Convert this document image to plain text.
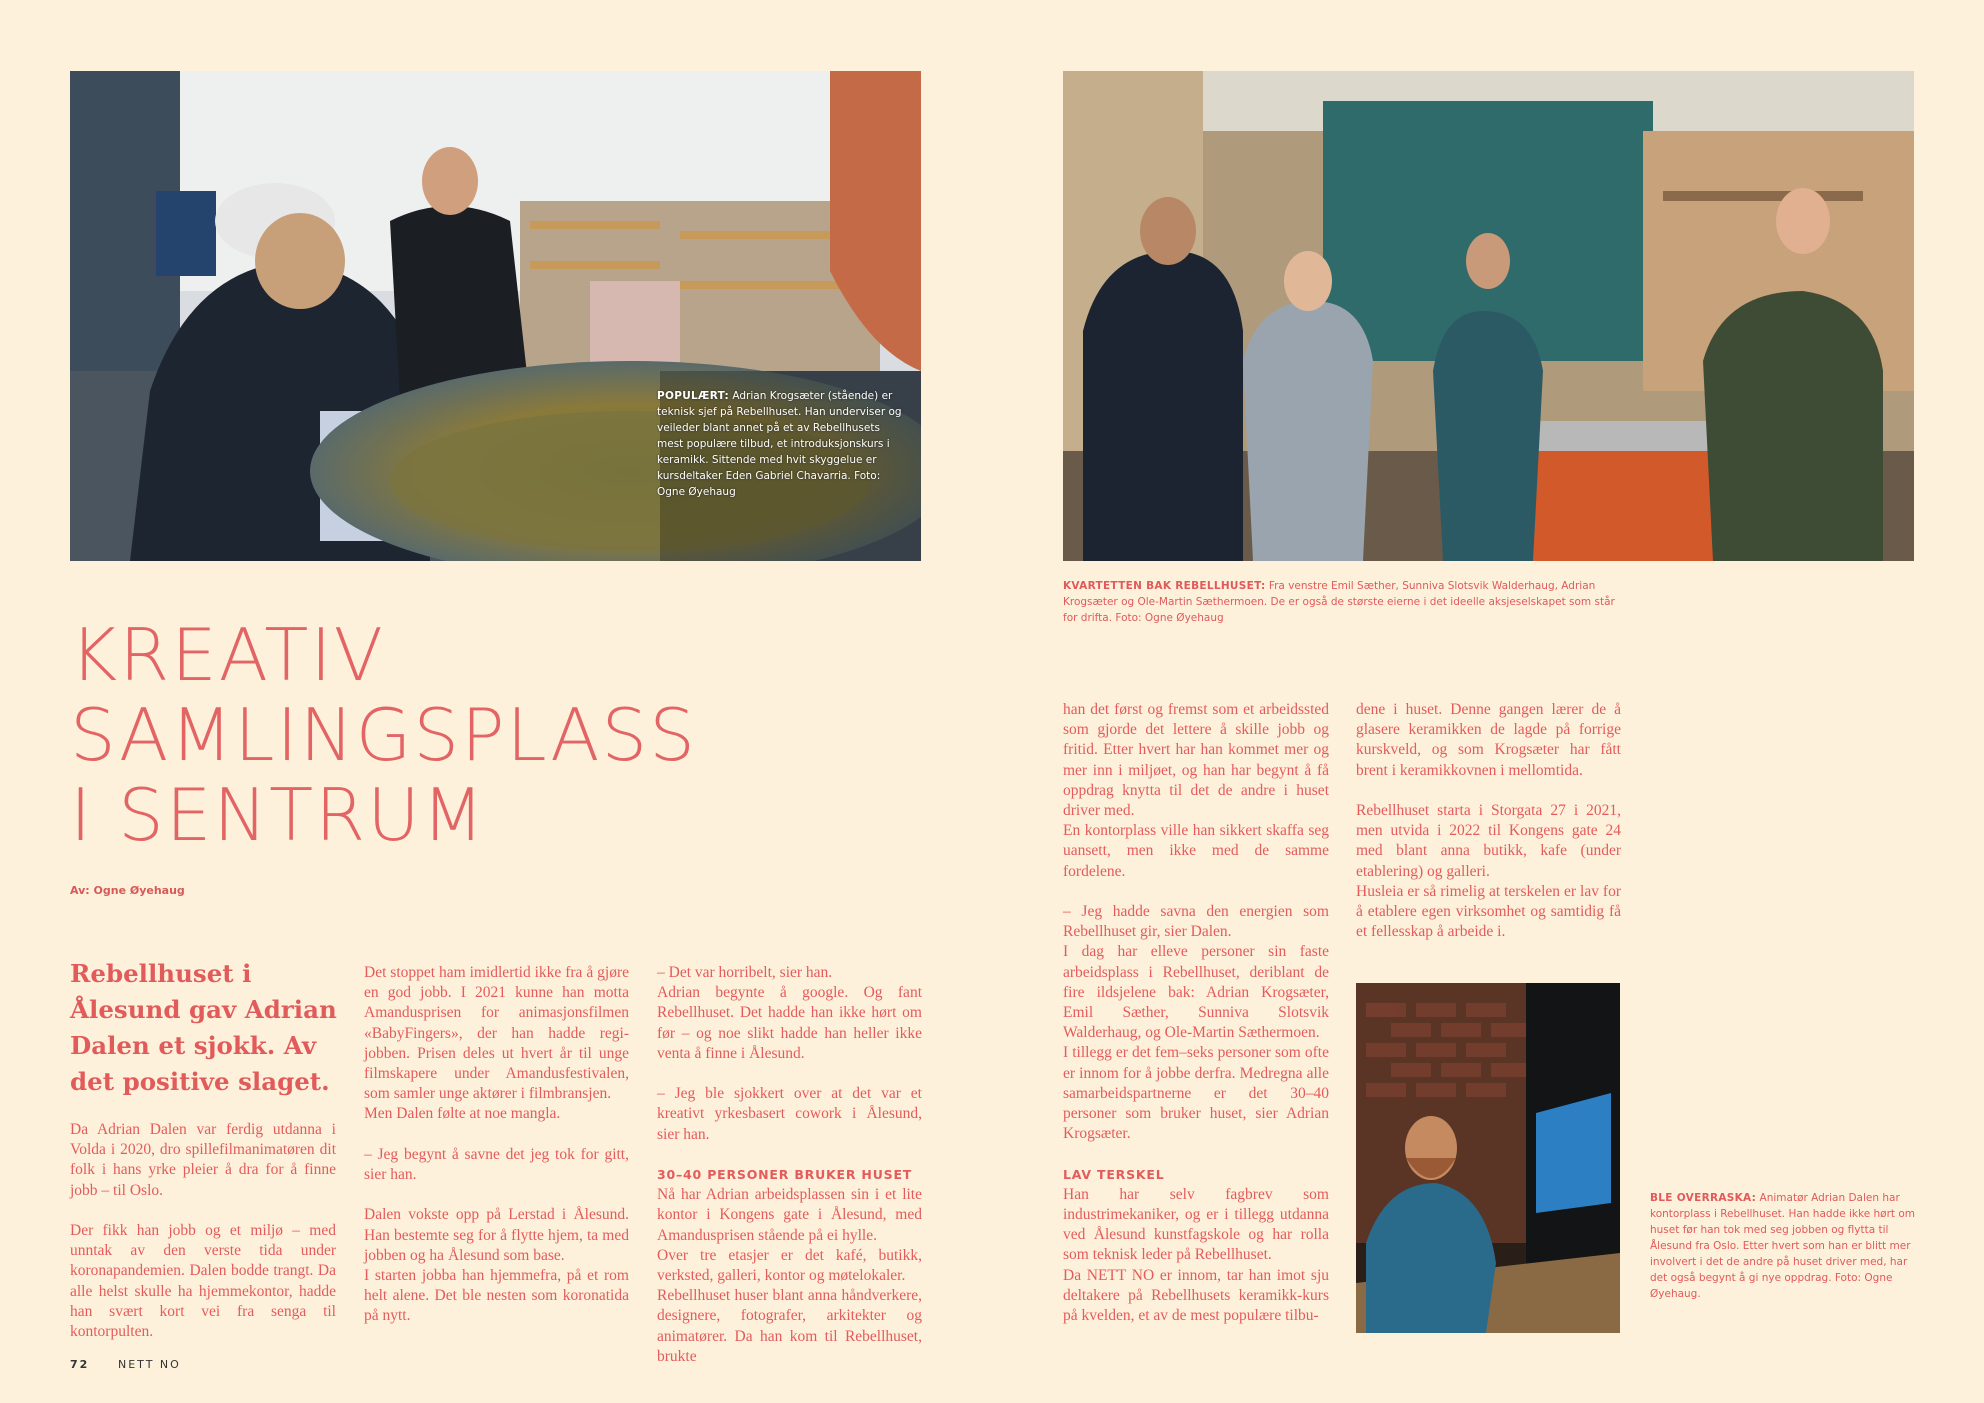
POPULÆRT: Adrian Krogsæter (stående) er teknisk sjef på Rebellhuset. Han underviser og veileder blant annet på et av Rebellhusets mest populære tilbud, et introduksjonskurs i keramikk. Sittende med hvit skyggelue er kursdeltaker Eden Gabriel Chavarria. Foto: Ogne Øyehaug
KVARTETTEN BAK REBELLHUSET: Fra venstre Emil Sæther, Sunniva Slotsvik Walderhaug, Adrian Krogsæter og Ole-Martin Sæthermoen. De er også de største eierne i det ideelle aksjeselskapet som står for drifta. Foto: Ogne Øyehaug
BLE OVERRASKA: Animatør Adrian Dalen har kontorplass i Rebellhuset. Han hadde ikke hørt om huset før han tok med seg jobben og flytta til Ålesund fra Oslo. Etter hvert som han er blitt mer involvert i det de andre på huset driver med, har det også begynt å gi nye oppdrag. Foto: Ogne Øyehaug.
KREATIV
SAMLINGSPLASS
I SENTRUM
Av: Ogne Øyehaug
Rebellhuset i Ålesund gav Adrian Dalen et sjokk. Av det positive slaget.

Da Adrian Dalen var ferdig utdanna i Volda i 2020, dro spillefilmanimatøren dit folk i hans yrke pleier å dra for å finne jobb – til Oslo.

Der fikk han jobb og et miljø – med unntak av den verste tida under koronapandemien. Dalen bodde trangt. Da alle helst skulle ha hjemmekontor, hadde han svært kort vei fra senga til kontorpulten.

Det stoppet ham imidlertid ikke fra å gjøre en god jobb. I 2021 kunne han motta Amandusprisen for animasjonsfilmen «BabyFingers», der han hadde regi-jobben. Prisen deles ut hvert år til unge filmskapere under Amandusfestivalen, som samler unge aktører i filmbransjen.

Men Dalen følte at noe mangla.

– Jeg begynt å savne det jeg tok for gitt, sier han.

Dalen vokste opp på Lerstad i Ålesund. Han bestemte seg for å flytte hjem, ta med jobben og ha Ålesund som base.

I starten jobba han hjemmefra, på et rom helt alene. Det ble nesten som koronatida på nytt.

– Det var horribelt, sier han.

Adrian begynte å google. Og fant Rebellhuset. Det hadde han ikke hørt om før – og noe slikt hadde han heller ikke venta å finne i Ålesund.

– Jeg ble sjokkert over at det var et kreativt yrkesbasert cowork i Ålesund, sier han.

30–40 PERSONER BRUKER HUSET

Nå har Adrian arbeidsplassen sin i et lite kontor i Kongens gate i Ålesund, med Amandusprisen stående på ei hylle.

Over tre etasjer er det kafé, butikk, verksted, galleri, kontor og møtelokaler.

Rebellhuset huser blant anna håndverkere, designere, fotografer, arkitekter og animatører. Da han kom til Rebellhuset, brukte

han det først og fremst som et arbeidssted som gjorde det lettere å skille jobb og fritid. Etter hvert har han kommet mer og mer inn i miljøet, og han har begynt å få oppdrag knytta til det de andre i huset driver med.

En kontorplass ville han sikkert skaffa seg uansett, men ikke med de samme fordelene.

– Jeg hadde savna den energien som Rebellhuset gir, sier Dalen.

I dag har elleve personer sin faste arbeidsplass i Rebellhuset, deriblant de fire ildsjelene bak: Adrian Krogsæter, Emil Sæther, Sunniva Slotsvik Walderhaug, og Ole-Martin Sæthermoen.

I tillegg er det fem–seks personer som ofte er innom for å jobbe derfra. Medregna alle samarbeidspartnerne er det 30–40 personer som bruker huset, sier Adrian Krogsæter.

LAV TERSKEL

Han har selv fagbrev som industrimekaniker, og er i tillegg utdanna ved Ålesund kunstfagskole og har rolla som teknisk leder på Rebellhuset.

Da NETT NO er innom, tar han imot sju deltakere på Rebellhusets keramikk-kurs på kvelden, et av de mest populære tilbu-

dene i huset. Denne gangen lærer de å glasere keramikken de lagde på forrige kurskveld, og som Krogsæter har fått brent i keramikkovnen i mellomtida.

Rebellhuset starta i Storgata 27 i 2021, men utvida i 2022 til Kongens gate 24 med blant anna butikk, kafe (under etablering) og galleri.

Husleia er så rimelig at terskelen er lav for å etablere egen virksomhet og samtidig få et fellesskap å arbeide i.

72	NETT NO
